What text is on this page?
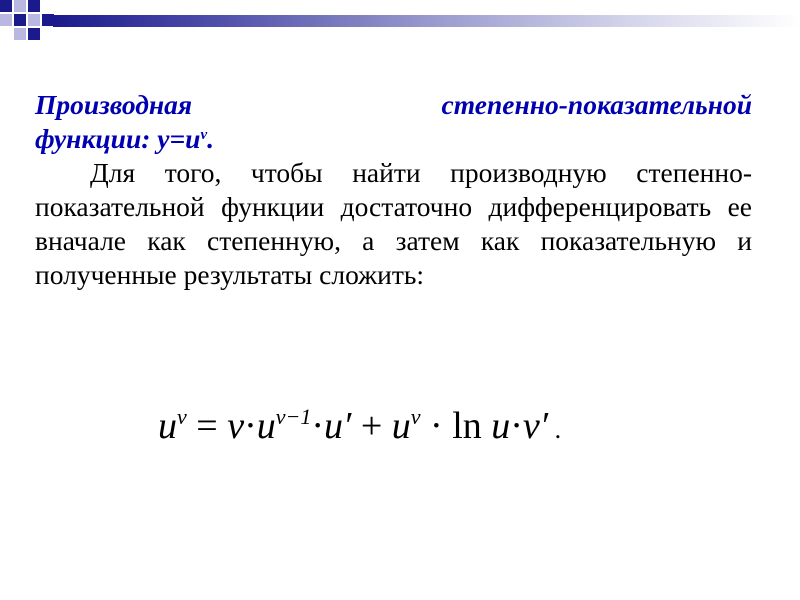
Производная степенно-показательной
функции: $y=u^v$.
Для того, чтобы найти производную степенно-показательной функции достаточно дифференцировать ее вначале как степенную, а затем как показательную и полученные результаты сложить:
$u^v = v\cdot u^{v-1}\cdot u' + u^v \cdot \ln u\cdot v'$ .
